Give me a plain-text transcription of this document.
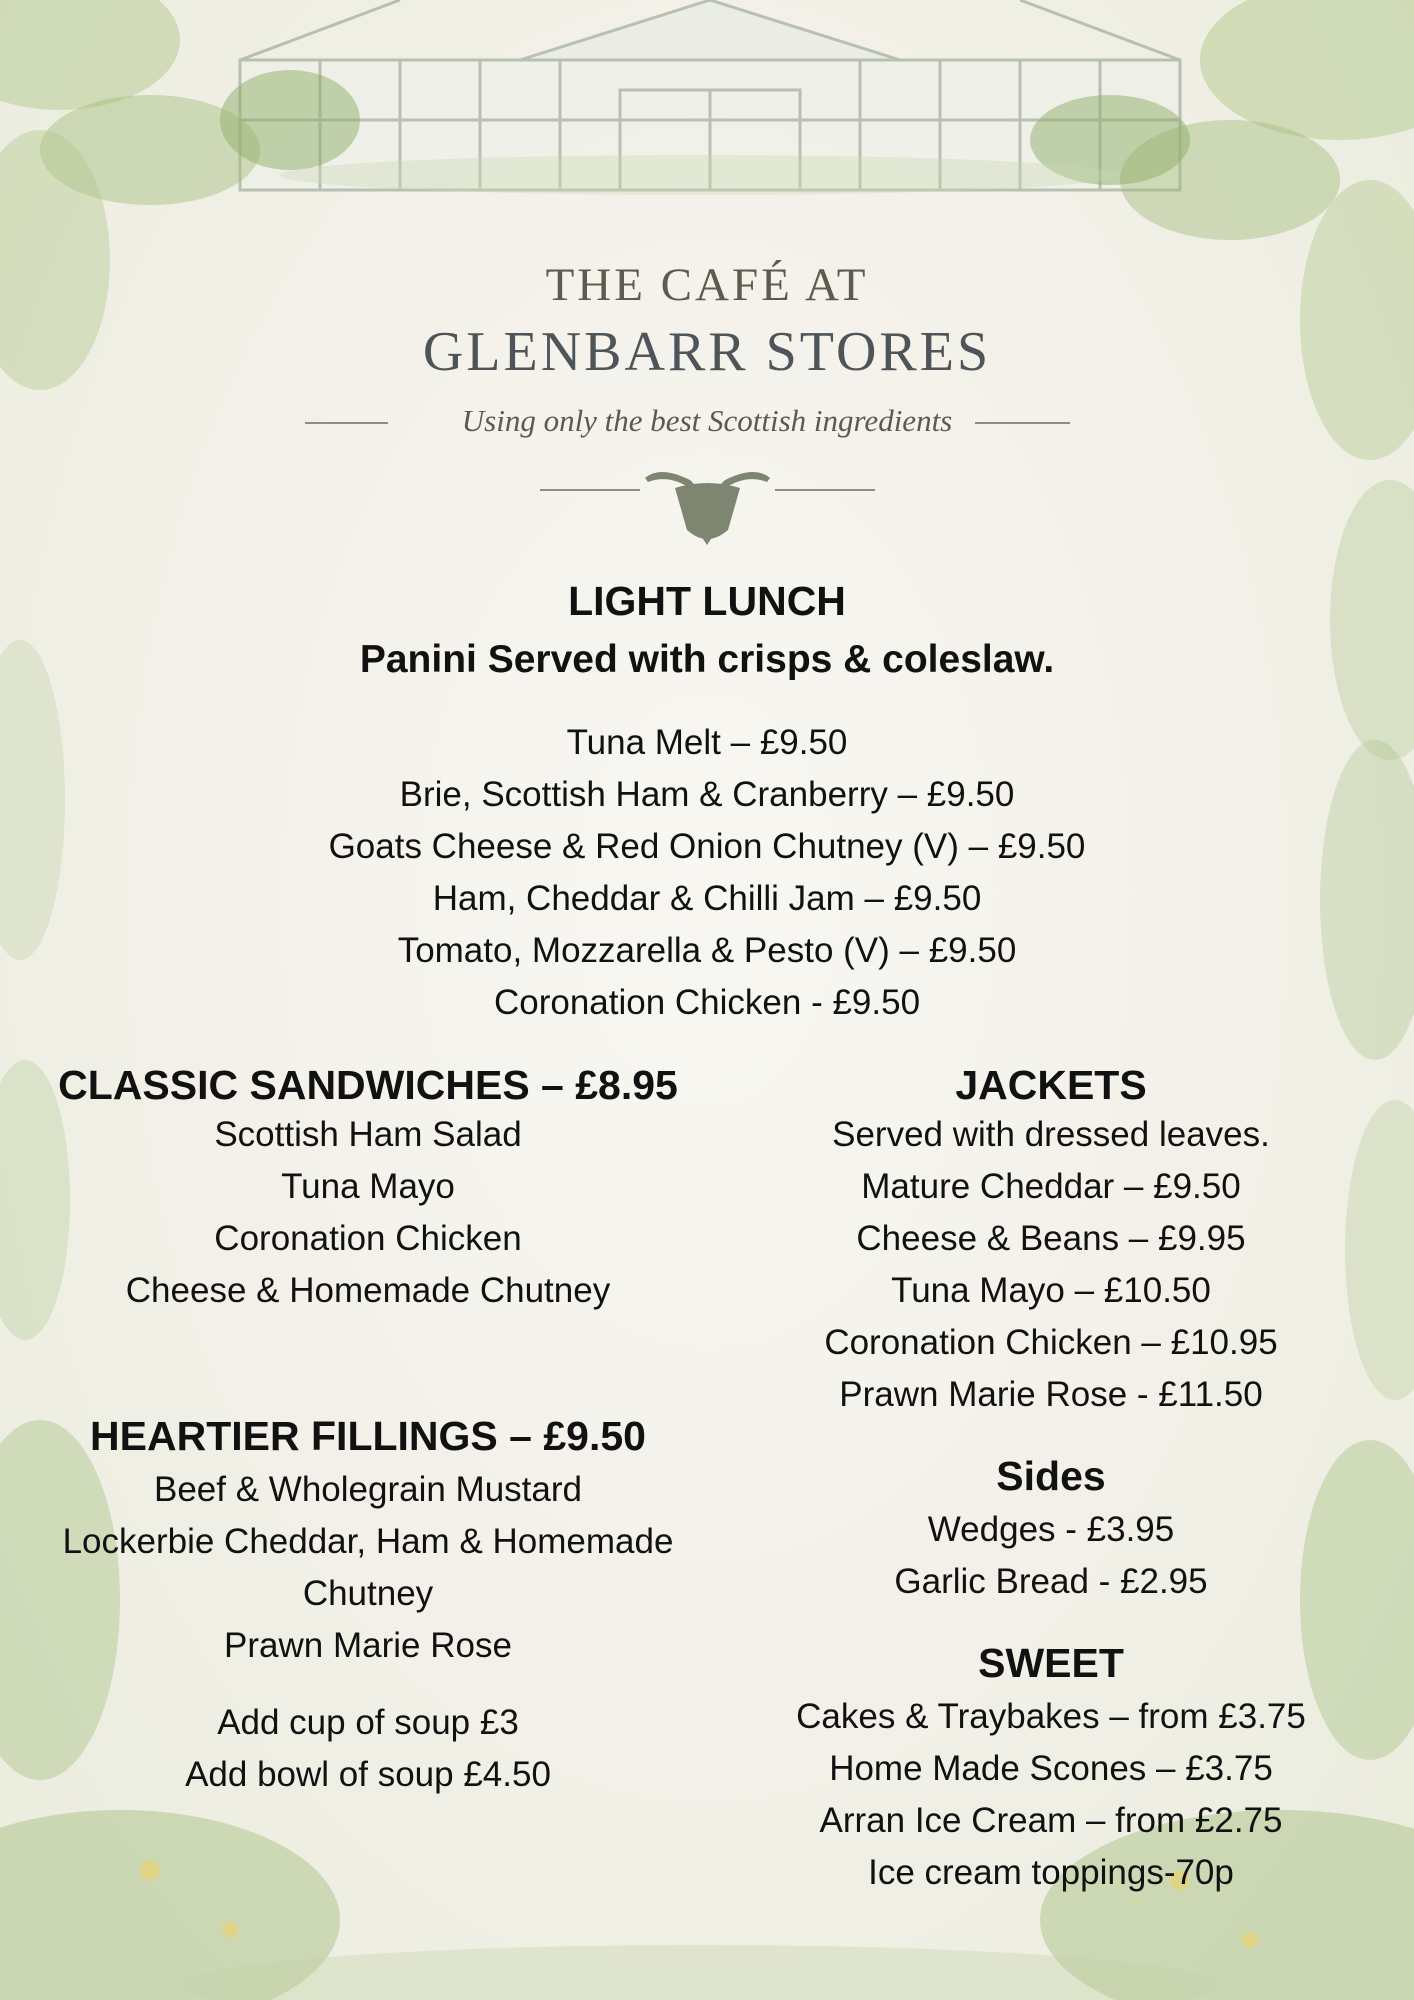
THE CAFÉ AT
GLENBARR STORES
Using only the best Scottish ingredients
LIGHT LUNCH
Panini Served with crisps & coleslaw.
Tuna Melt – £9.50
Brie, Scottish Ham & Cranberry – £9.50
Goats Cheese & Red Onion Chutney (V) – £9.50
Ham, Cheddar & Chilli Jam – £9.50
Tomato, Mozzarella & Pesto (V) – £9.50
Coronation Chicken - £9.50
CLASSIC SANDWICHES – £8.95
Scottish Ham Salad
Tuna Mayo
Coronation Chicken
Cheese & Homemade Chutney
HEARTIER FILLINGS – £9.50
Beef & Wholegrain Mustard
Lockerbie Cheddar, Ham & Homemade
Chutney
Prawn Marie Rose
Add cup of soup £3
Add bowl of soup £4.50
JACKETS
Served with dressed leaves.
Mature Cheddar – £9.50
Cheese & Beans – £9.95
Tuna Mayo – £10.50
Coronation Chicken – £10.95
Prawn Marie Rose - £11.50
Sides
Wedges - £3.95
Garlic Bread - £2.95
SWEET
Cakes & Traybakes – from £3.75
Home Made Scones – £3.75
Arran Ice Cream – from £2.75
Ice cream toppings-70p
